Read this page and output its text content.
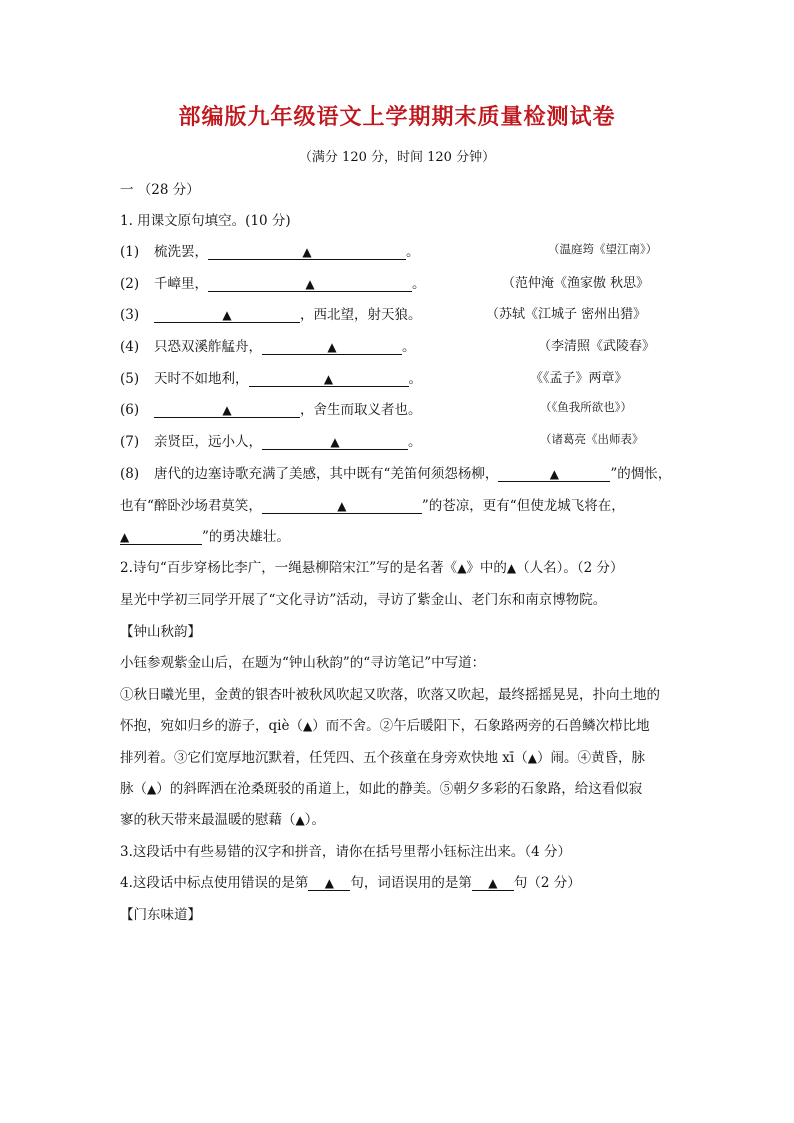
部编版九年级语文上学期期末质量检测试卷
（满分 120 分，时间 120 分钟）
一 （28 分）
1. 用课文原句填空。(10 分)
(1) 梳洗罢，	▲	。	（温庭筠《望江南》）
(2) 千嶂里，	▲	。	（范仲淹《渔家傲 秋思》
(3)	▲	，西北望，射天狼。	（苏轼《江城子 密州出猎》
(4) 只恐双溪舴艋舟，	▲	。	（李清照《武陵春》
(5) 天时不如地利，	▲	。	《《孟子》两章》
(6)	▲	，舍生而取义者也。	（《鱼我所欲也》）
(7) 亲贤臣，远小人，	▲	。	（诸葛亮《出师表》
(8) 唐代的边塞诗歌充满了美感，其中既有“羌笛何须怨杨柳，	▲	”的惆怅，
也有“醉卧沙场君莫笑，	▲	”的苍凉，更有“但使龙城飞将在，
▲	”的勇决雄壮。
2.诗句“百步穿杨比李广，一绳悬柳陪宋江”写的是名著《▲》中的▲（人名）。（2 分）
星光中学初三同学开展了“文化寻访”活动，寻访了紫金山、老门东和南京博物院。
【钟山秋韵】
小钰参观紫金山后，在题为“钟山秋韵”的“寻访笔记”中写道：
①秋日曦光里，金黄的银杏叶被秋风吹起又吹落，吹落又吹起，最终摇摇晃晃，扑向土地的
怀抱，宛如归乡的游子，qiè（▲）而不舍。②午后暖阳下，石象路两旁的石兽鳞次栉比地
排列着。③它们宽厚地沉默着，任凭四、五个孩童在身旁欢快地 xī（▲）闹。④黄昏，脉
脉（▲）的斜晖洒在沧桑斑驳的甬道上，如此的静美。⑤朝夕多彩的石象路，给这看似寂
寥的秋天带来最温暖的慰藉（▲）。
3.这段话中有些易错的汉字和拼音，请你在括号里帮小钰标注出来。（4 分）
4.这段话中标点使用错误的是第 ▲ 句，词语误用的是第 ▲ 句（2 分）
【门东味道】
